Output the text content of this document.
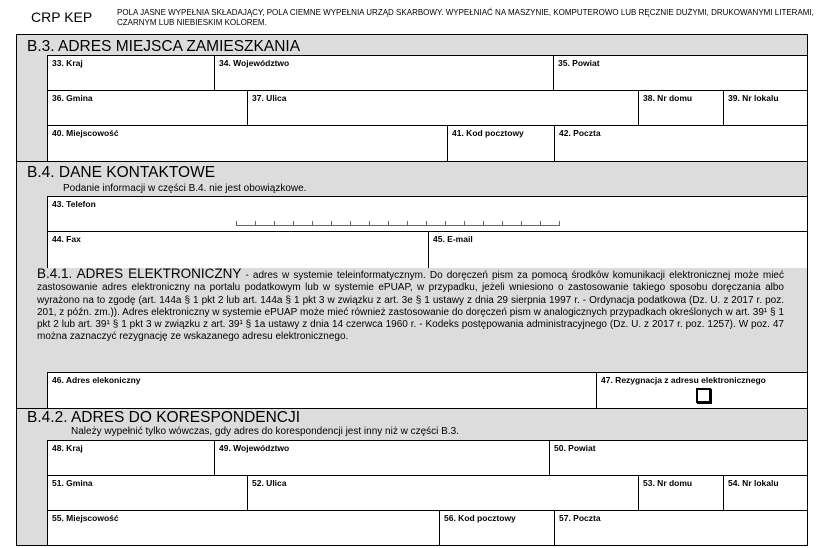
CRP KEP	POLA JASNE WYPEŁNIA SKŁADAJĄCY, POLA CIEMNE WYPEŁNIA URZĄD SKARBOWY. WYPEŁNIAĆ NA MASZYNIE, KOMPUTEROWO LUB RĘCZNIE DUŻYMI, DRUKOWANYMI LITERAMI, CZARNYM LUB NIEBIESKIM KOLOREM.
B.3. ADRES MIEJSCA ZAMIESZKANIA
33. Kraj	34. Województwo	35. Powiat
36. Gmina	37. Ulica	38. Nr domu	39. Nr lokalu
40. Miejscowość	41. Kod pocztowy	42. Poczta
B.4. DANE KONTAKTOWE
Podanie informacji w części B.4. nie jest obowiązkowe.
43. Telefon
44. Fax	45. E-mail
46. Adres elekoniczny	47. Rezygnacja z adresu elektronicznego
B.4.2. ADRES DO KORESPONDENCJI
Należy wypełnić tylko wówczas, gdy adres do korespondencji jest inny niż w części B.3.
48. Kraj	49. Województwo	50. Powiat
51. Gmina	52. Ulica	53. Nr domu	54. Nr lokalu
55. Miejscowość	56. Kod pocztowy	57. Poczta
B.4.1. ADRES ELEKTRONICZNY - adres w systemie teleinformatycznym. Do doręczeń pism za pomocą środków komunikacji elektronicznej może mieć zastosowanie adres elektroniczny na portalu podatkowym lub w systemie ePUAP, w przypadku, jeżeli wniesiono o zastosowanie takiego sposobu doręczania albo wyrażono na to zgodę (art. 144a § 1 pkt 2 lub art. 144a § 1 pkt 3 w związku z art. 3e § 1 ustawy z dnia 29 sierpnia 1997 r. - Ordynacja podatkowa (Dz. U. z 2017 r. poz. 201, z późn. zm.)). Adres elektroniczny w systemie ePUAP może mieć również zastosowanie do doręczeń pism w analogicznych przypadkach określonych w art. 39¹ § 1 pkt 2 lub art. 39¹ § 1 pkt 3 w związku z art. 39¹ § 1a ustawy z dnia 14 czerwca 1960 r. - Kodeks postępowania administracyjnego (Dz. U. z 2017 r. poz. 1257). W poz. 47 można zaznaczyć rezygnację ze wskazanego adresu elektronicznego.
